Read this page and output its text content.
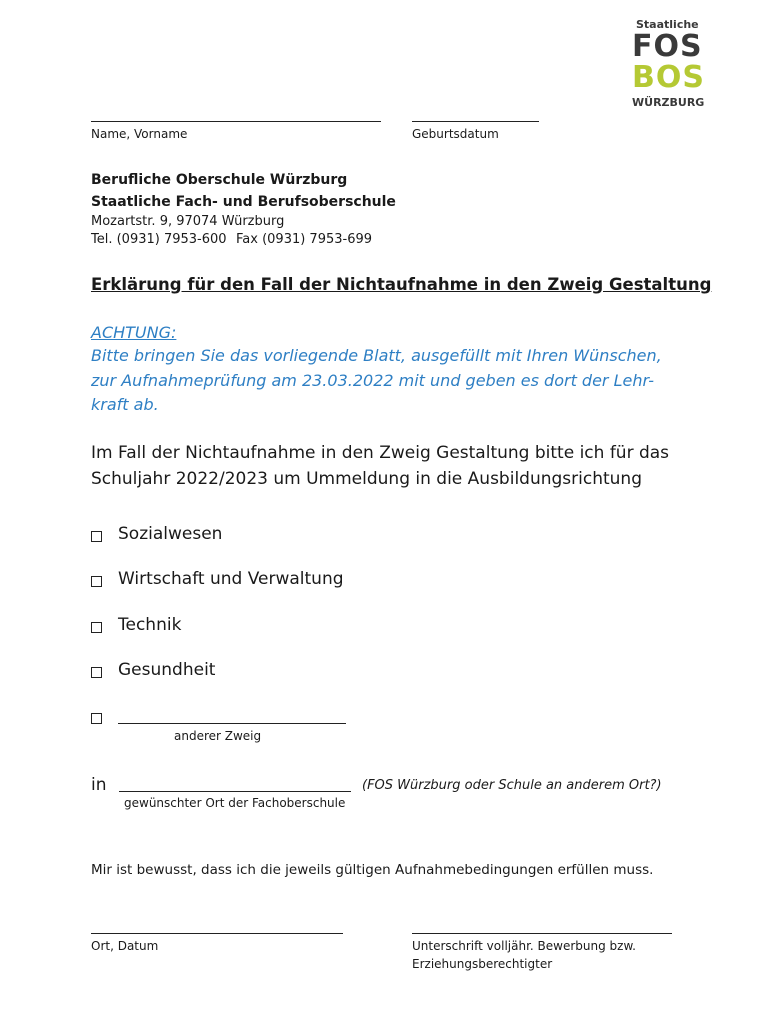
Staatliche
FOS
BOS
WÜRZBURG
Name, Vorname	Geburtsdatum
Berufliche Oberschule Würzburg
Staatliche Fach- und Berufsoberschule
Mozartstr. 9, 97074 Würzburg
Tel. (0931) 7953-600 Fax (0931) 7953-699
Erklärung für den Fall der Nichtaufnahme in den Zweig Gestaltung
ACHTUNG:
Bitte bringen Sie das vorliegende Blatt, ausgefüllt mit Ihren Wünschen,
zur Aufnahmeprüfung am 23.03.2022 mit und geben es dort der Lehr-
kraft ab.
Im Fall der Nichtaufnahme in den Zweig Gestaltung bitte ich für das
Schuljahr 2022/2023 um Ummeldung in die Ausbildungsrichtung
Sozialwesen
Wirtschaft und Verwaltung
Technik
Gesundheit
anderer Zweig
in	(FOS Würzburg oder Schule an anderem Ort?)
gewünschter Ort der Fachoberschule
Mir ist bewusst, dass ich die jeweils gültigen Aufnahmebedingungen erfüllen muss.
Ort, Datum	Unterschrift volljähr. Bewerbung bzw.
Erziehungsberechtigter
